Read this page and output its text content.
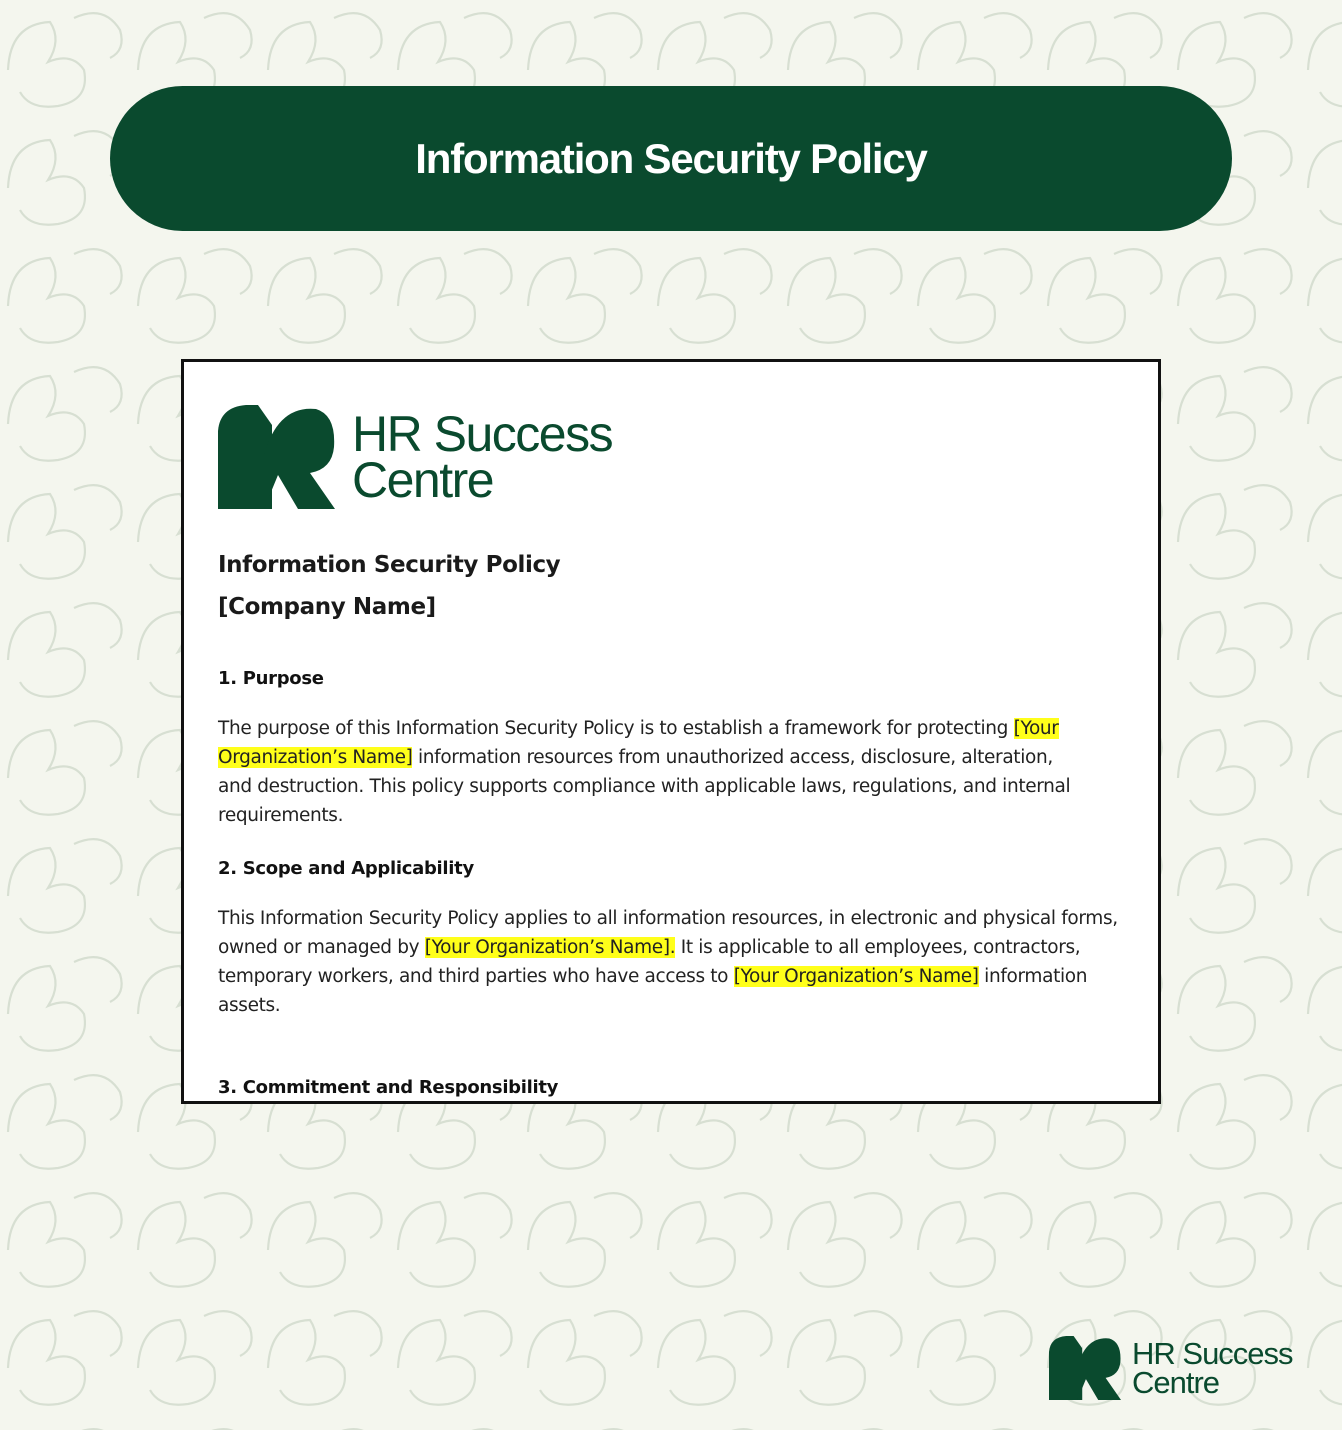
Information Security Policy
HR Success
Centre
Information Security Policy
[Company Name]
1. Purpose

The purpose of this Information Security Policy is to establish a framework for protecting [Your Organization’s Name] information resources from unauthorized access, disclosure, alteration, and destruction. This policy supports compliance with applicable laws, regulations, and internal requirements.

2. Scope and Applicability

This Information Security Policy applies to all information resources, in electronic and physical forms, owned or managed by [Your Organization’s Name]. It is applicable to all employees, contractors, temporary workers, and third parties who have access to [Your Organization’s Name] information assets.

3. Commitment and Responsibility
HR Success
Centre
